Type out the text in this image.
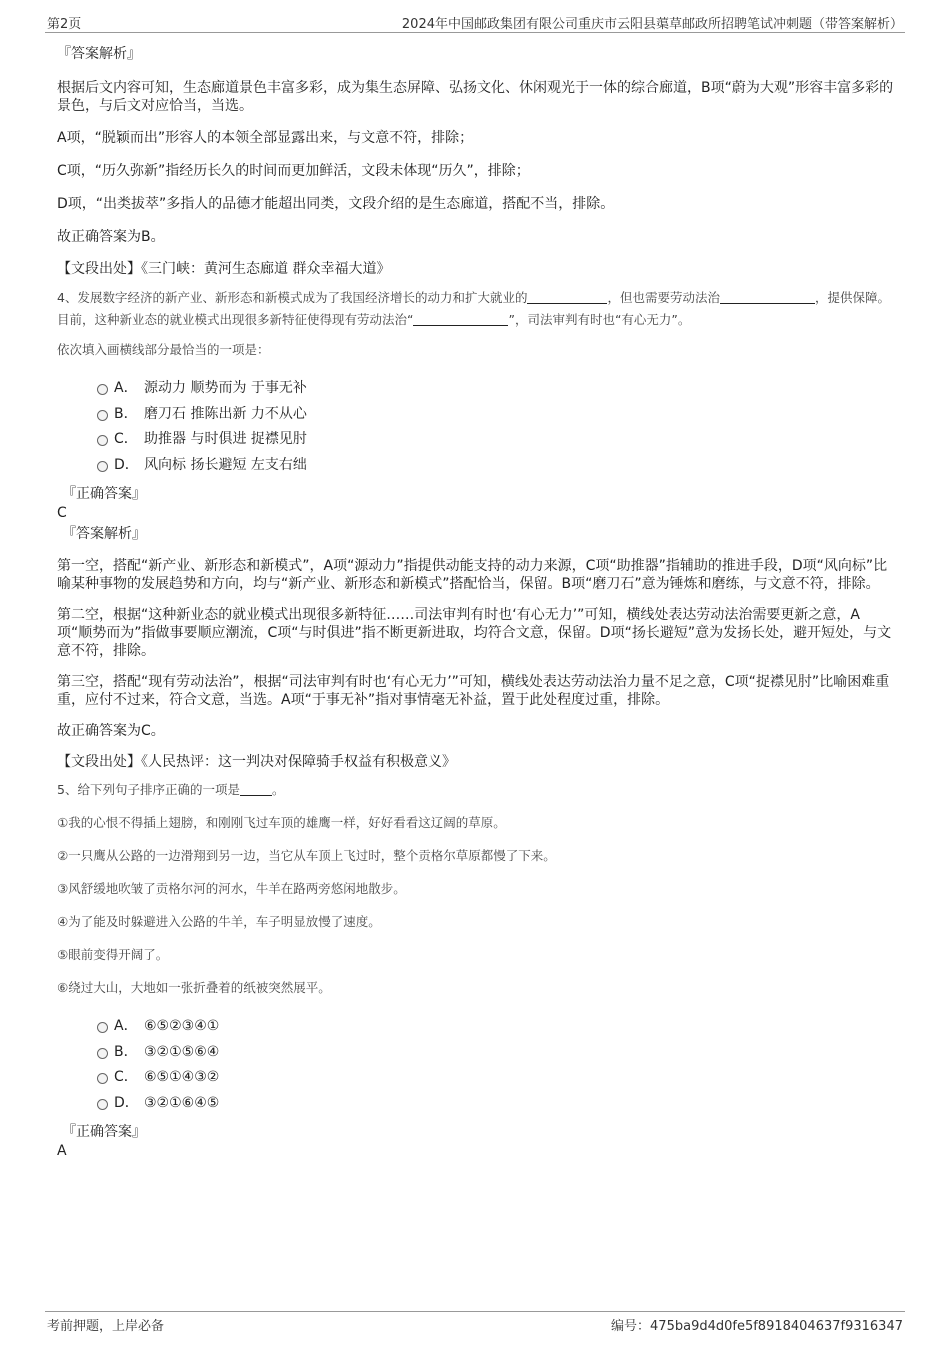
第2页	2024年中国邮政集团有限公司重庆市云阳县蕖草邮政所招聘笔试冲刺题（带答案解析）

『答案解析』

根据后文内容可知，生态廊道景色丰富多彩，成为集生态屏障、弘扬文化、休闲观光于一体的综合廊道，B项“蔚为大观”形容丰富多彩的景色，与后文对应恰当，当选。

A项，“脱颖而出”形容人的本领全部显露出来，与文意不符，排除；

C项，“历久弥新”指经历长久的时间而更加鲜活，文段未体现“历久”，排除；

D项，“出类拔萃”多指人的品德才能超出同类，文段介绍的是生态廊道，搭配不当，排除。

故正确答案为B。

【文段出处】《三门峡：黄河生态廊道 群众幸福大道》

4、发展数字经济的新产业、新形态和新模式成为了我国经济增长的动力和扩大就业的	，但也需要劳动法治	，提供保障。目前，这种新业态的就业模式出现很多新特征使得现有劳动法治“	”，司法审判有时也“有心无力”。

依次填入画横线部分最恰当的一项是：

A． 源动力 顺势而为 于事无补
B． 磨刀石 推陈出新 力不从心
C． 助推器 与时俱进 捉襟见肘
D． 风向标 扬长避短 左支右绌

『正确答案』

C

『答案解析』

第一空，搭配“新产业、新形态和新模式”，A项“源动力”指提供动能支持的动力来源，C项“助推器”指辅助的推进手段，D项“风向标”比喻某种事物的发展趋势和方向，均与“新产业、新形态和新模式”搭配恰当，保留。B项“磨刀石”意为锤炼和磨练，与文意不符，排除。

第二空，根据“这种新业态的就业模式出现很多新特征……司法审判有时也‘有心无力’”可知，横线处表达劳动法治需要更新之意，A项“顺势而为”指做事要顺应潮流，C项“与时俱进”指不断更新进取，均符合文意，保留。D项“扬长避短”意为发扬长处，避开短处，与文意不符，排除。

第三空，搭配“现有劳动法治”，根据“司法审判有时也‘有心无力’”可知，横线处表达劳动法治力量不足之意，C项“捉襟见肘”比喻困难重重，应付不过来，符合文意，当选。A项“于事无补”指对事情毫无补益，置于此处程度过重，排除。

故正确答案为C。

【文段出处】《人民热评：这一判决对保障骑手权益有积极意义》

5、给下列句子排序正确的一项是	。

①我的心恨不得插上翅膀，和刚刚飞过车顶的雄鹰一样，好好看看这辽阔的草原。

②一只鹰从公路的一边滑翔到另一边，当它从车顶上飞过时，整个贡格尔草原都慢了下来。

③风舒缓地吹皱了贡格尔河的河水，牛羊在路两旁悠闲地散步。

④为了能及时躲避进入公路的牛羊，车子明显放慢了速度。

⑤眼前变得开阔了。

⑥绕过大山，大地如一张折叠着的纸被突然展平。

A． ⑥⑤②③④①
B． ③②①⑤⑥④
C． ⑥⑤①④③②
D． ③②①⑥④⑤

『正确答案』

A

考前押题，上岸必备	编号：475ba9d4d0fe5f8918404637f9316347
